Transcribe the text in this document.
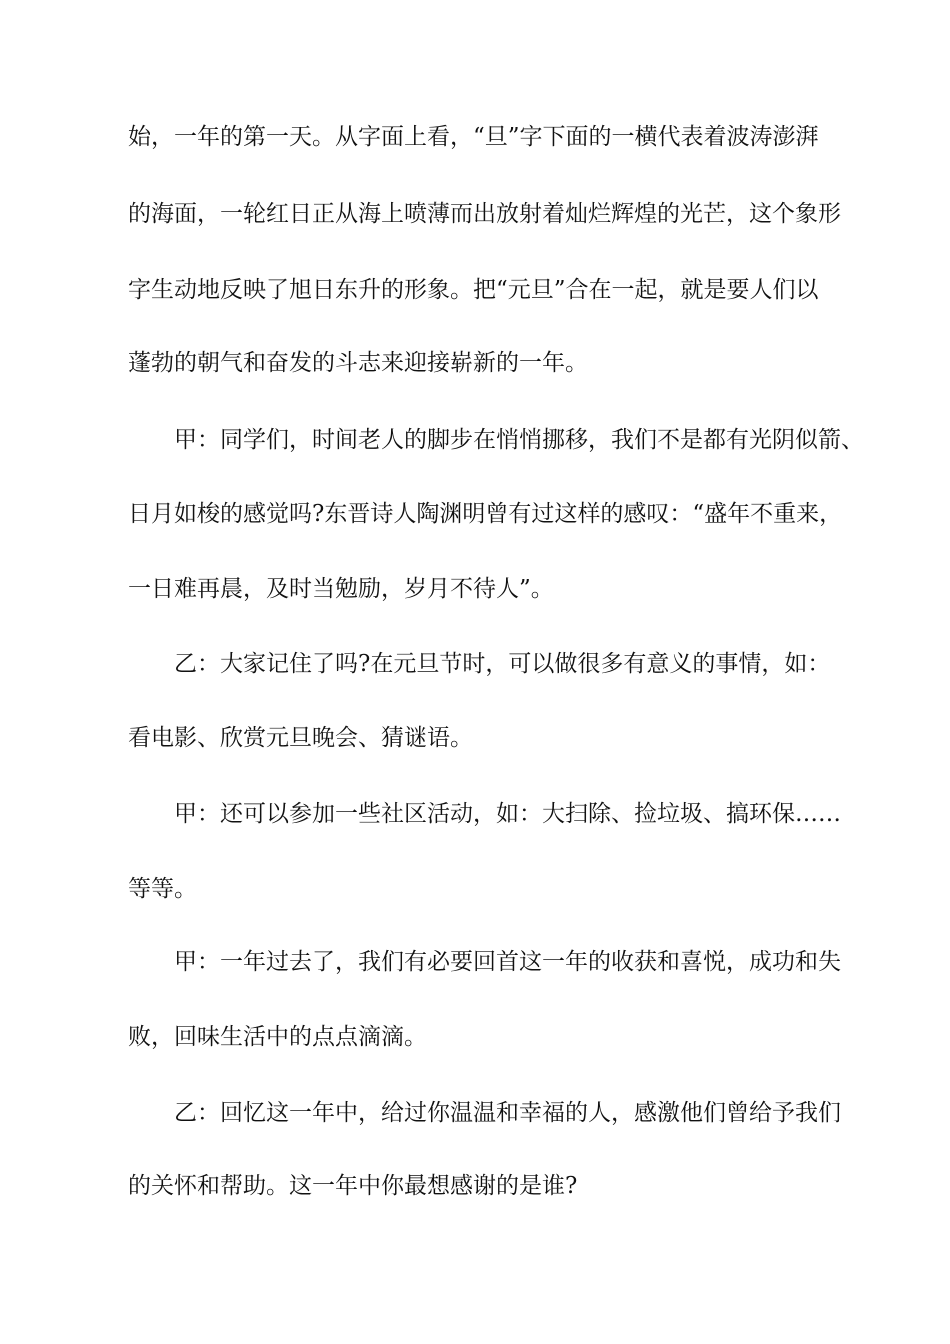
始，一年的第一天。从字面上看，“旦”字下面的一横代表着波涛澎湃
的海面，一轮红日正从海上喷薄而出放射着灿烂辉煌的光芒，这个象形
字生动地反映了旭日东升的形象。把“元旦”合在一起，就是要人们以
蓬勃的朝气和奋发的斗志来迎接崭新的一年。
甲：同学们，时间老人的脚步在悄悄挪移，我们不是都有光阴似箭、
日月如梭的感觉吗?东晋诗人陶渊明曾有过这样的感叹：“盛年不重来，
一日难再晨，及时当勉励，岁月不待人”。
乙：大家记住了吗?在元旦节时，可以做很多有意义的事情，如：
看电影、欣赏元旦晚会、猜谜语。
甲：还可以参加一些社区活动，如：大扫除、捡垃圾、搞环保……
等等。
甲：一年过去了，我们有必要回首这一年的收获和喜悦，成功和失
败，回味生活中的点点滴滴。
乙：回忆这一年中，给过你温温和幸福的人，感激他们曾给予我们
的关怀和帮助。这一年中你最想感谢的是谁?
